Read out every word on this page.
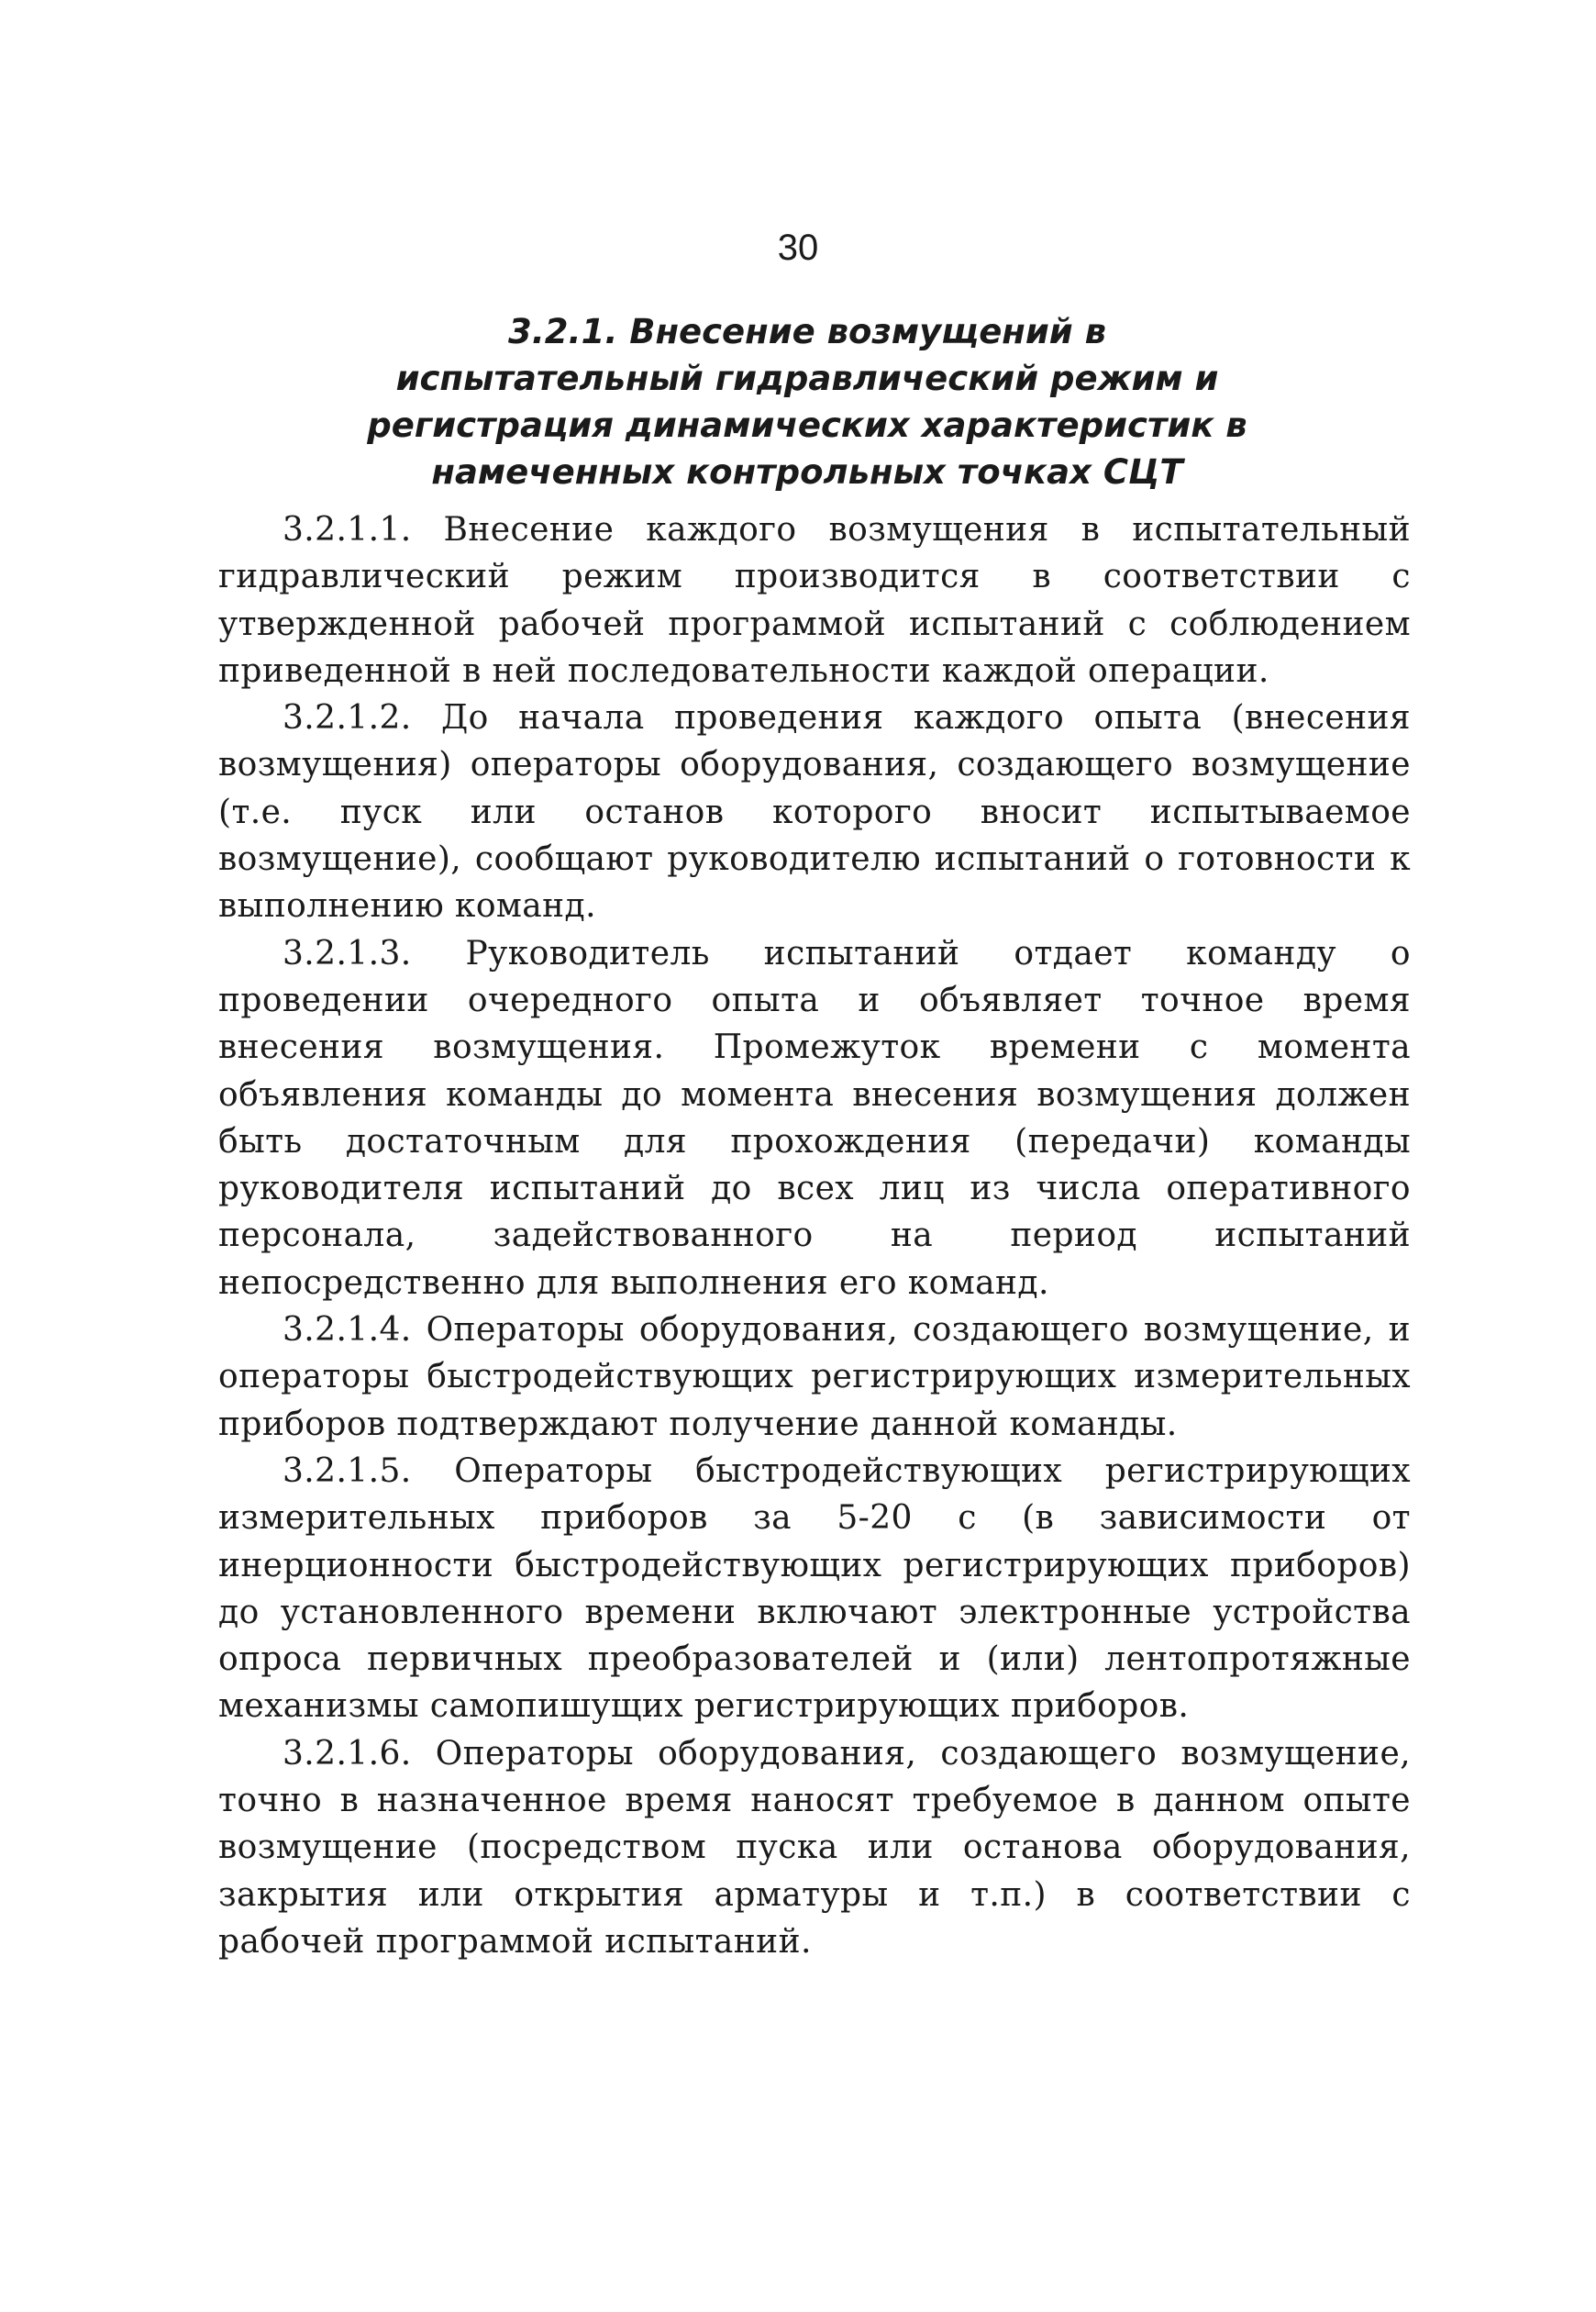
30
3.2.1. Внесение возмущений в испытательный гидравлический режим и регистрация динамических характеристик в намеченных контрольных точках СЦТ

3.2.1.1. Внесение каждого возмущения в испытательный гидравлический режим производится в соответствии с утвержденной рабочей программой испытаний с соблюдением приведенной в ней последовательности каждой операции.

3.2.1.2. До начала проведения каждого опыта (внесения возмущения) операторы оборудования, создающего возмущение (т.е. пуск или останов которого вносит испытываемое возмущение), сообщают руководителю испытаний о готовности к выполнению команд.

3.2.1.3. Руководитель испытаний отдает команду о проведении очередного опыта и объявляет точное время внесения возмущения. Промежуток времени с момента объявления команды до момента внесения возмущения должен быть достаточным для прохождения (передачи) команды руководителя испытаний до всех лиц из числа оперативного персонала, задействованного на период испытаний непосредственно для выполнения его команд.

3.2.1.4. Операторы оборудования, создающего возмущение, и операторы быстродействующих регистрирующих измерительных приборов подтверждают получение данной команды.

3.2.1.5. Операторы быстродействующих регистрирующих измерительных приборов за 5-20 с (в зависимости от инерционности быстродействующих регистрирующих приборов) до установленного времени включают электронные устройства опроса первичных преобразователей и (или) лентопротяжные механизмы самопишущих регистрирующих приборов.

3.2.1.6. Операторы оборудования, создающего возмущение, точно в назначенное время наносят требуемое в данном опыте возмущение (посредством пуска или останова оборудования, закрытия или открытия арматуры и т.п.) в соответствии с рабочей программой испытаний.
